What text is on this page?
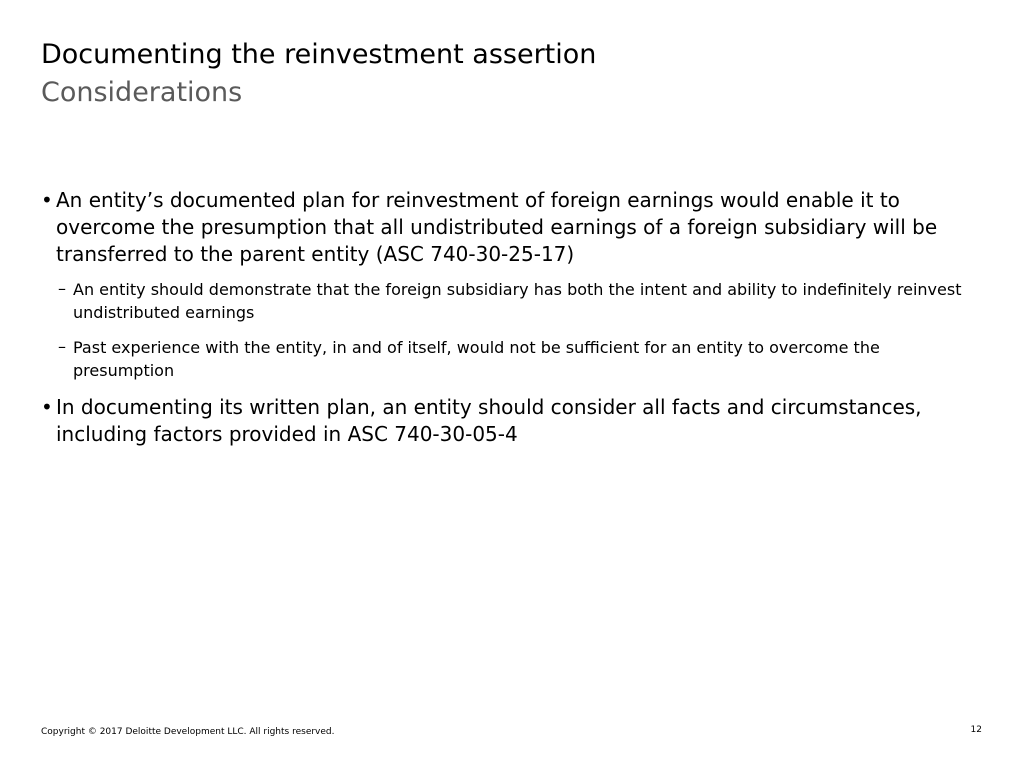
Documenting the reinvestment assertion
Considerations
• An entity’s documented plan for reinvestment of foreign earnings would enable it to overcome the presumption that all undistributed earnings of a foreign subsidiary will be transferred to the parent entity (ASC 740-30-25-17)
– An entity should demonstrate that the foreign subsidiary has both the intent and ability to indefinitely reinvest undistributed earnings
– Past experience with the entity, in and of itself, would not be sufficient for an entity to overcome the presumption
• In documenting its written plan, an entity should consider all facts and circumstances, including factors provided in ASC 740-30-05-4
Copyright © 2017 Deloitte Development LLC. All rights reserved.	12
